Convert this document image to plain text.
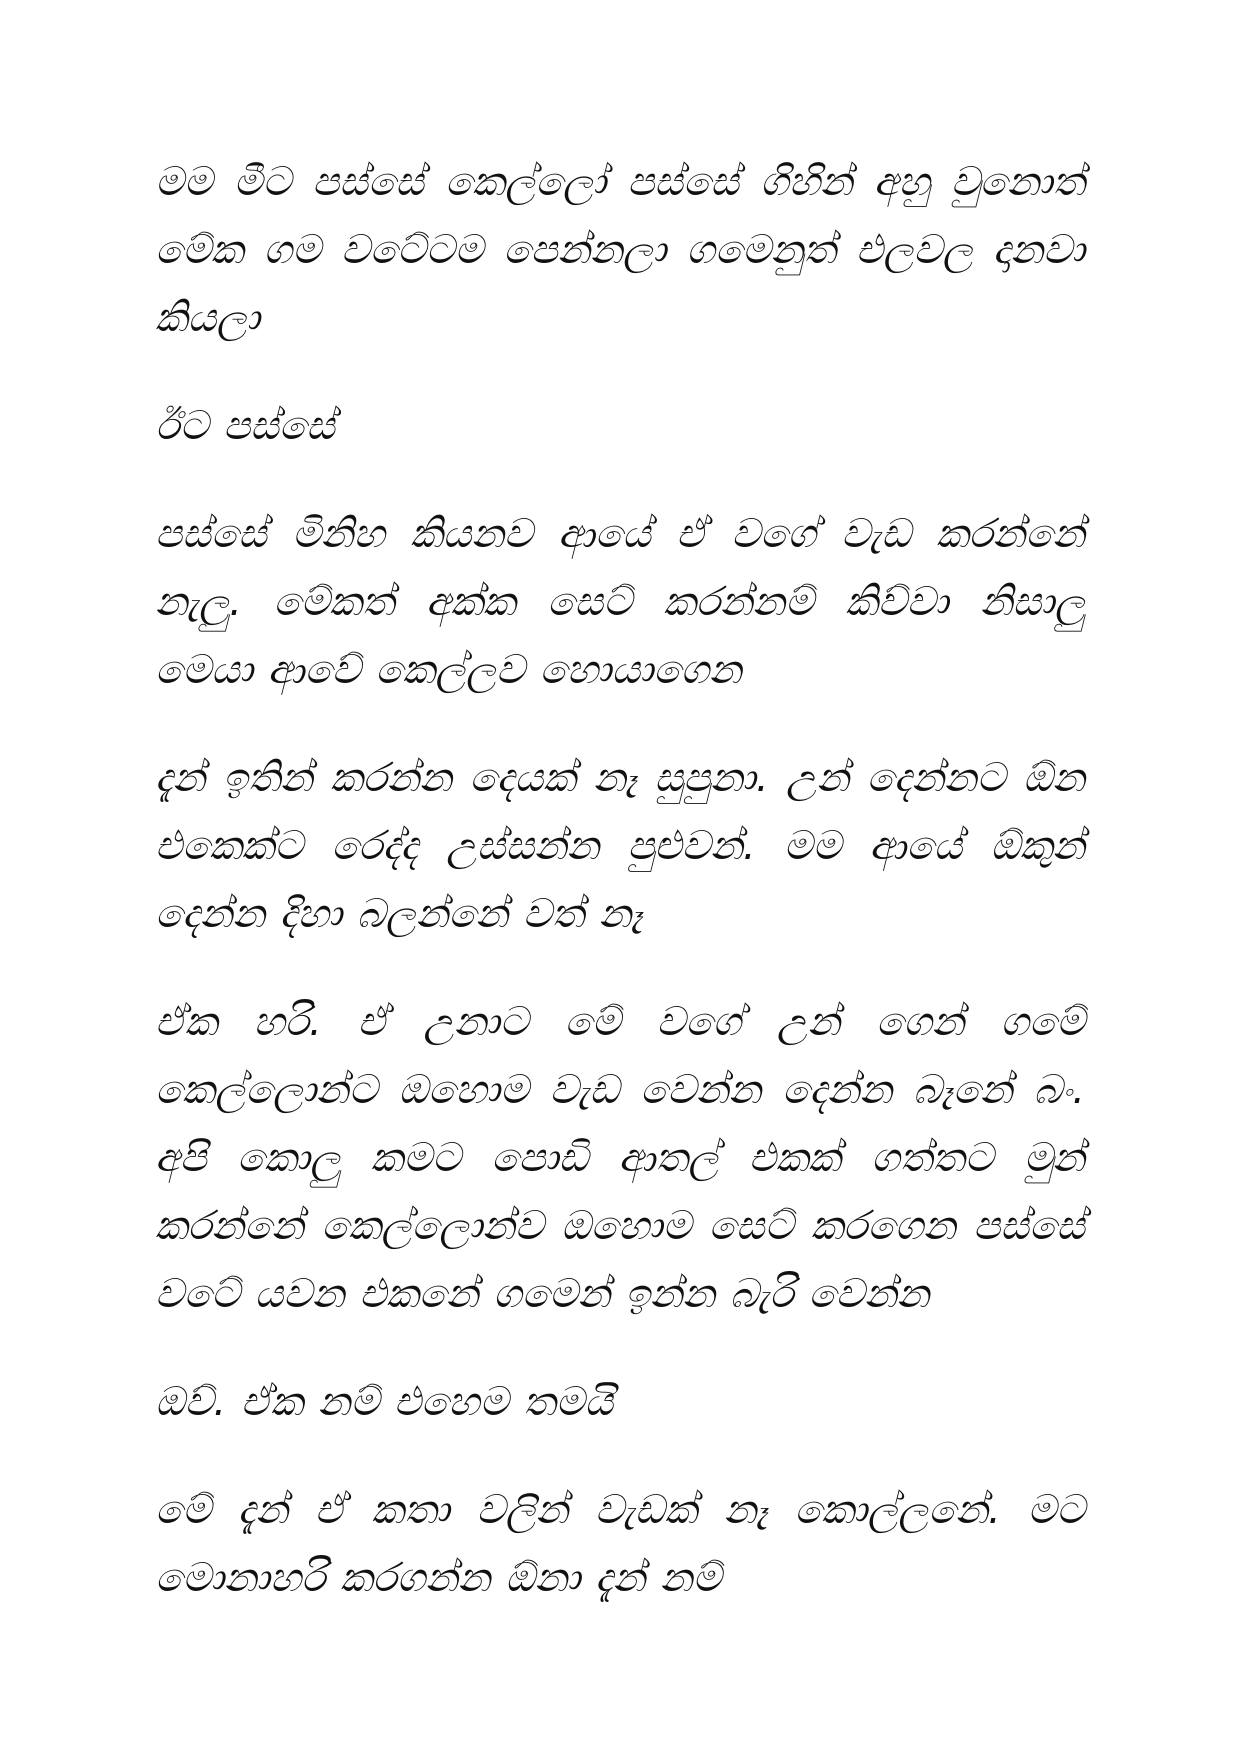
මම මීට පස්සේ කෙල්ලෝ පස්සේ ගිහින් අහු වුනොත් මේක ගම වටේටම පෙන්නලා ගමෙනුත් එලවල දානවා කියලා

ඊට පස්සේ

පස්සේ මිනිහ කියනව ආයේ ඒ වගේ වැඩ කරන්නේ නැලු. මේකත් අක්ක සෙට් කරන්නම් කිව්වා නිසාලු මෙයා ආවේ කෙල්ලව හොයාගෙන

දැන් ඉතින් කරන්න දෙයක් නෑ සුපුනා. උන් දෙන්නට ඕන එකෙක්ට රෙද්ද උස්සන්න පුළුවන්. මම ආයේ ඕකුන් දෙන්න දිහා බලන්නේ වත් නෑ

ඒක හරි. ඒ උනාට මේ වගේ උන් ගෙන් ගමේ කෙල්ලොන්ට ඔහොම වැඩ වෙන්න දෙන්න බෑනේ බං. අපි කොලු කමට පොඩි ආතල් එකක් ගත්තට මුන් කරන්නේ කෙල්ලොන්ව ඔහොම සෙට් කරගෙන පස්සේ වටේ යවන එකනේ ගමෙන් ඉන්න බැරි වෙන්න

ඔව්. ඒක නම් එහෙම තමයි

මේ දැන් ඒ කතා වලින් වැඩක් නෑ කොල්ලනේ. මට මොනාහරි කරගන්න ඕනා දැන් නම්
